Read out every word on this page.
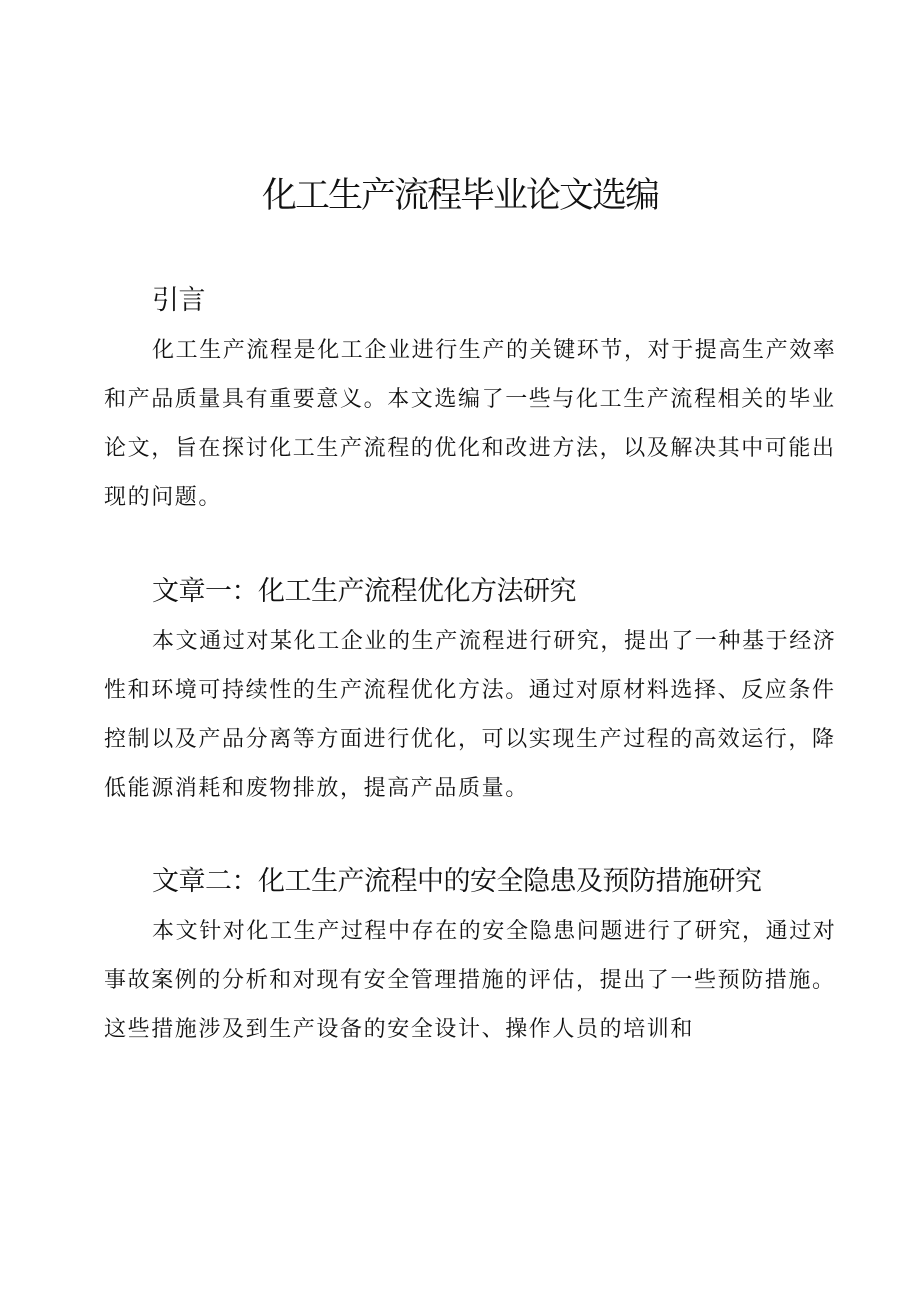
化工生产流程毕业论文选编
引言

化工生产流程是化工企业进行生产的关键环节，对于提高生产效率和产品质量具有重要意义。本文选编了一些与化工生产流程相关的毕业论文，旨在探讨化工生产流程的优化和改进方法，以及解决其中可能出现的问题。

文章一：化工生产流程优化方法研究

本文通过对某化工企业的生产流程进行研究，提出了一种基于经济性和环境可持续性的生产流程优化方法。通过对原材料选择、反应条件控制以及产品分离等方面进行优化，可以实现生产过程的高效运行，降低能源消耗和废物排放，提高产品质量。

文章二：化工生产流程中的安全隐患及预防措施研究

本文针对化工生产过程中存在的安全隐患问题进行了研究，通过对事故案例的分析和对现有安全管理措施的评估，提出了一些预防措施。这些措施涉及到生产设备的安全设计、操作人员的培训和
